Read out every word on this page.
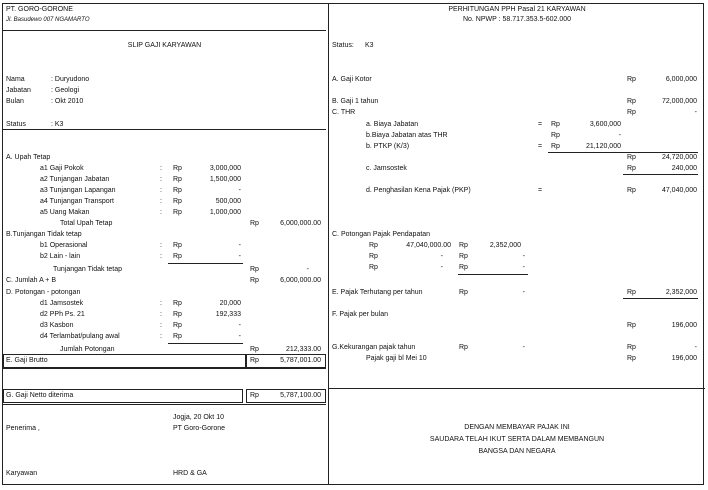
PT. GORO-GORONE
Jl. Basudewo 007 NGAMARTO
SLIP GAJI KARYAWAN
Nama	: Duryudono
Jabatan	: Geologi
Bulan	: Okt 2010
Status	: K3
A. Upah Tetap
a1 Gaji Pokok	: Rp	3,000,000
a2 Tunjangan Jabatan	: Rp	1,500,000
a3 Tunjangan Lapangan	: Rp	-
a4 Tunjangan Transport	: Rp	500,000
a5 Uang Makan	: Rp	1,000,000
Total Upah Tetap	Rp	6,000,000.00
B.Tunjangan Tidak tetap
b1 Operasional	: Rp	-
b2 Lain - lain	: Rp	-
Tunjangan Tidak tetap	Rp	-
C. Jumlah A + B	Rp	6,000,000.00
D. Potongan - potongan
d1 Jamsostek	: Rp	20,000
d2 PPh Ps. 21	: Rp	192,333
d3 Kasbon	: Rp	-
d4 Terlambat/pulang awal	: Rp	-
Jumlah Potongan	Rp	212,333.00
E. Gaji Brutto	Rp	5,787,001.00
G. Gaji Netto diterima	Rp	5,787,100.00
Jogja, 20 Okt 10
PT Goro-Gorone
Penerima ,
Karyawan	HRD & GA
PERHITUNGAN PPH Pasal 21 KARYAWAN
No. NPWP : 58.717.353.5-602.000
Status: K3
A. Gaji Kotor	Rp	6,000,000
B. Gaji 1 tahun	Rp	72,000,000
C. THR	Rp	-
a. Biaya Jabatan	= Rp	3,600,000
b.Biaya Jabatan atas THR	Rp	-
b. PTKP (K/3)	= Rp	21,120,000
Rp	24,720,000
c. Jamsostek	Rp	240,000
d. Penghasilan Kena Pajak (PKP)	=	Rp	47,040,000
C. Potongan Pajak Pendapatan
Rp	47,040,000.00 Rp	2,352,000
Rp	- Rp	-
Rp	- Rp	-
E. Pajak Terhutang per tahun	Rp	-	Rp	2,352,000
F. Pajak per bulan
Rp	196,000
G.Kekurangan pajak tahun	Rp	-	Rp	-
Pajak gaji bl Mei 10	Rp	196,000
DENGAN MEMBAYAR PAJAK INI
SAUDARA TELAH IKUT SERTA DALAM MEMBANGUN
BANGSA DAN NEGARA
